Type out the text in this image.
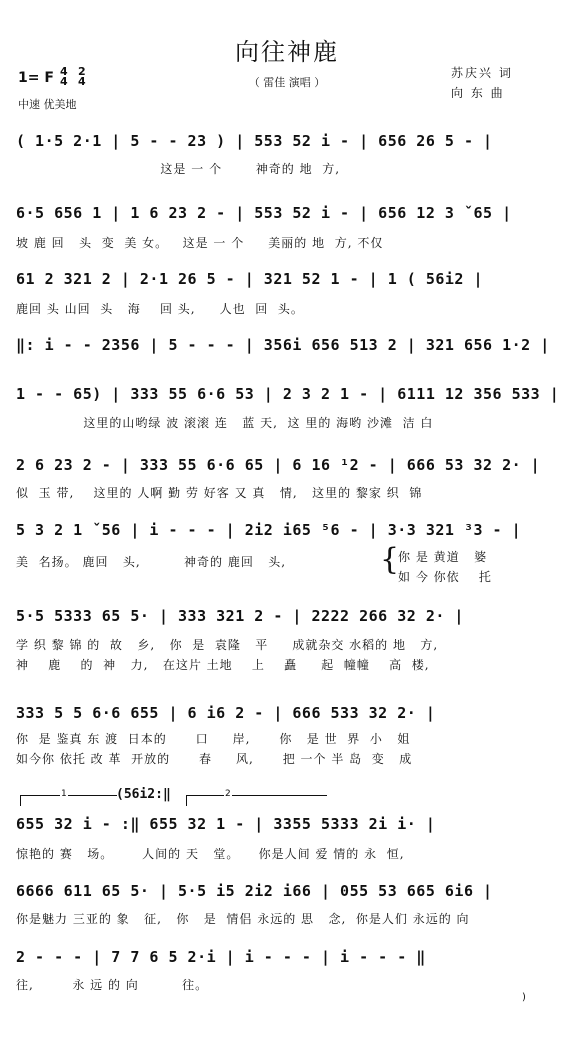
向往神鹿
（ 雷佳 演唱 ）
苏庆兴 词
向 东 曲
1= F 4
4
2
4
中速 优美地
( 1·5 2·1 | 5 - - 23 ) | 553 52 i - | 656 26 5 - |
这是 一 个       神奇的 地  方,
6·5 656 1 | 1 6 23 2 - | 553 52 i - | 656 12 3 ˇ65 |
坡 鹿 回   头  变  美 女。   这是 一 个     美丽的 地  方, 不仅
61 2 321 2 | 2·1 26 5 - | 321 52 1 - | 1 ( 56i2 |
鹿回 头 山回  头   海    回 头,     人也  回  头。
‖: i - - 2356 | 5 - - - | 356i 656 513 2 | 321 656 1·2 |
1 - - 65) | 333 55 6·6 53 | 2 3 2 1 - | 6111 12 356 533 |
这里的山哟绿 波 滚滚 连   蓝 天,  这 里的 海哟 沙滩  洁 白
2 6 23 2 - | 333 55 6·6 65 | 6 16 ¹2 - | 666 53 32 2· |
似  玉 带,    这里的 人啊 勤 劳 好客 又 真   情,   这里的 黎家 织  锦
5 3 2 1 ˇ56 | i - - - | 2i2 i65 ⁵6 - | 3·3 321 ³3 - |
美  名扬。 鹿回   头,         神奇的 鹿回   头,	{
你 是 黄道   婆
如 今 你依    托
5·5 5333 65 5· | 333 321 2 - | 2222 266 32 2· |
学 织 黎 锦 的  故   乡,   你  是  袁隆   平     成就杂交 水稻的 地   方,
神    鹿    的  神   力,   在这片 土地    上    矗     起  幢幢    高  楼,
333 5 5 6·6 655 | 6 i6 2 - | 666 533 32 2· |
你  是 鉴真 东 渡  日本的      口     岸,      你   是 世  界  小   姐
如今你 依托 改 革  开放的      春     风,      把 一个 半 岛  变   成
1	(56i2:‖	2
655 32 i - :‖ 655 32 1 - | 3355 5333 2i i· |
惊艳的 赛   场。      人间的 天   堂。    你是人间 爱 情的 永  恒,
6666 611 65 5· | 5·5 i5 2i2 i66 | 055 53 665 6i6 |
你是魅力 三亚的 象   征,   你   是  情侣 永远的 思   念,  你是人们 永远的 向
2 - - - | 7 7 6 5 2·i | i - - - | i - - - ‖
往,        永 远 的 向         往。
)
